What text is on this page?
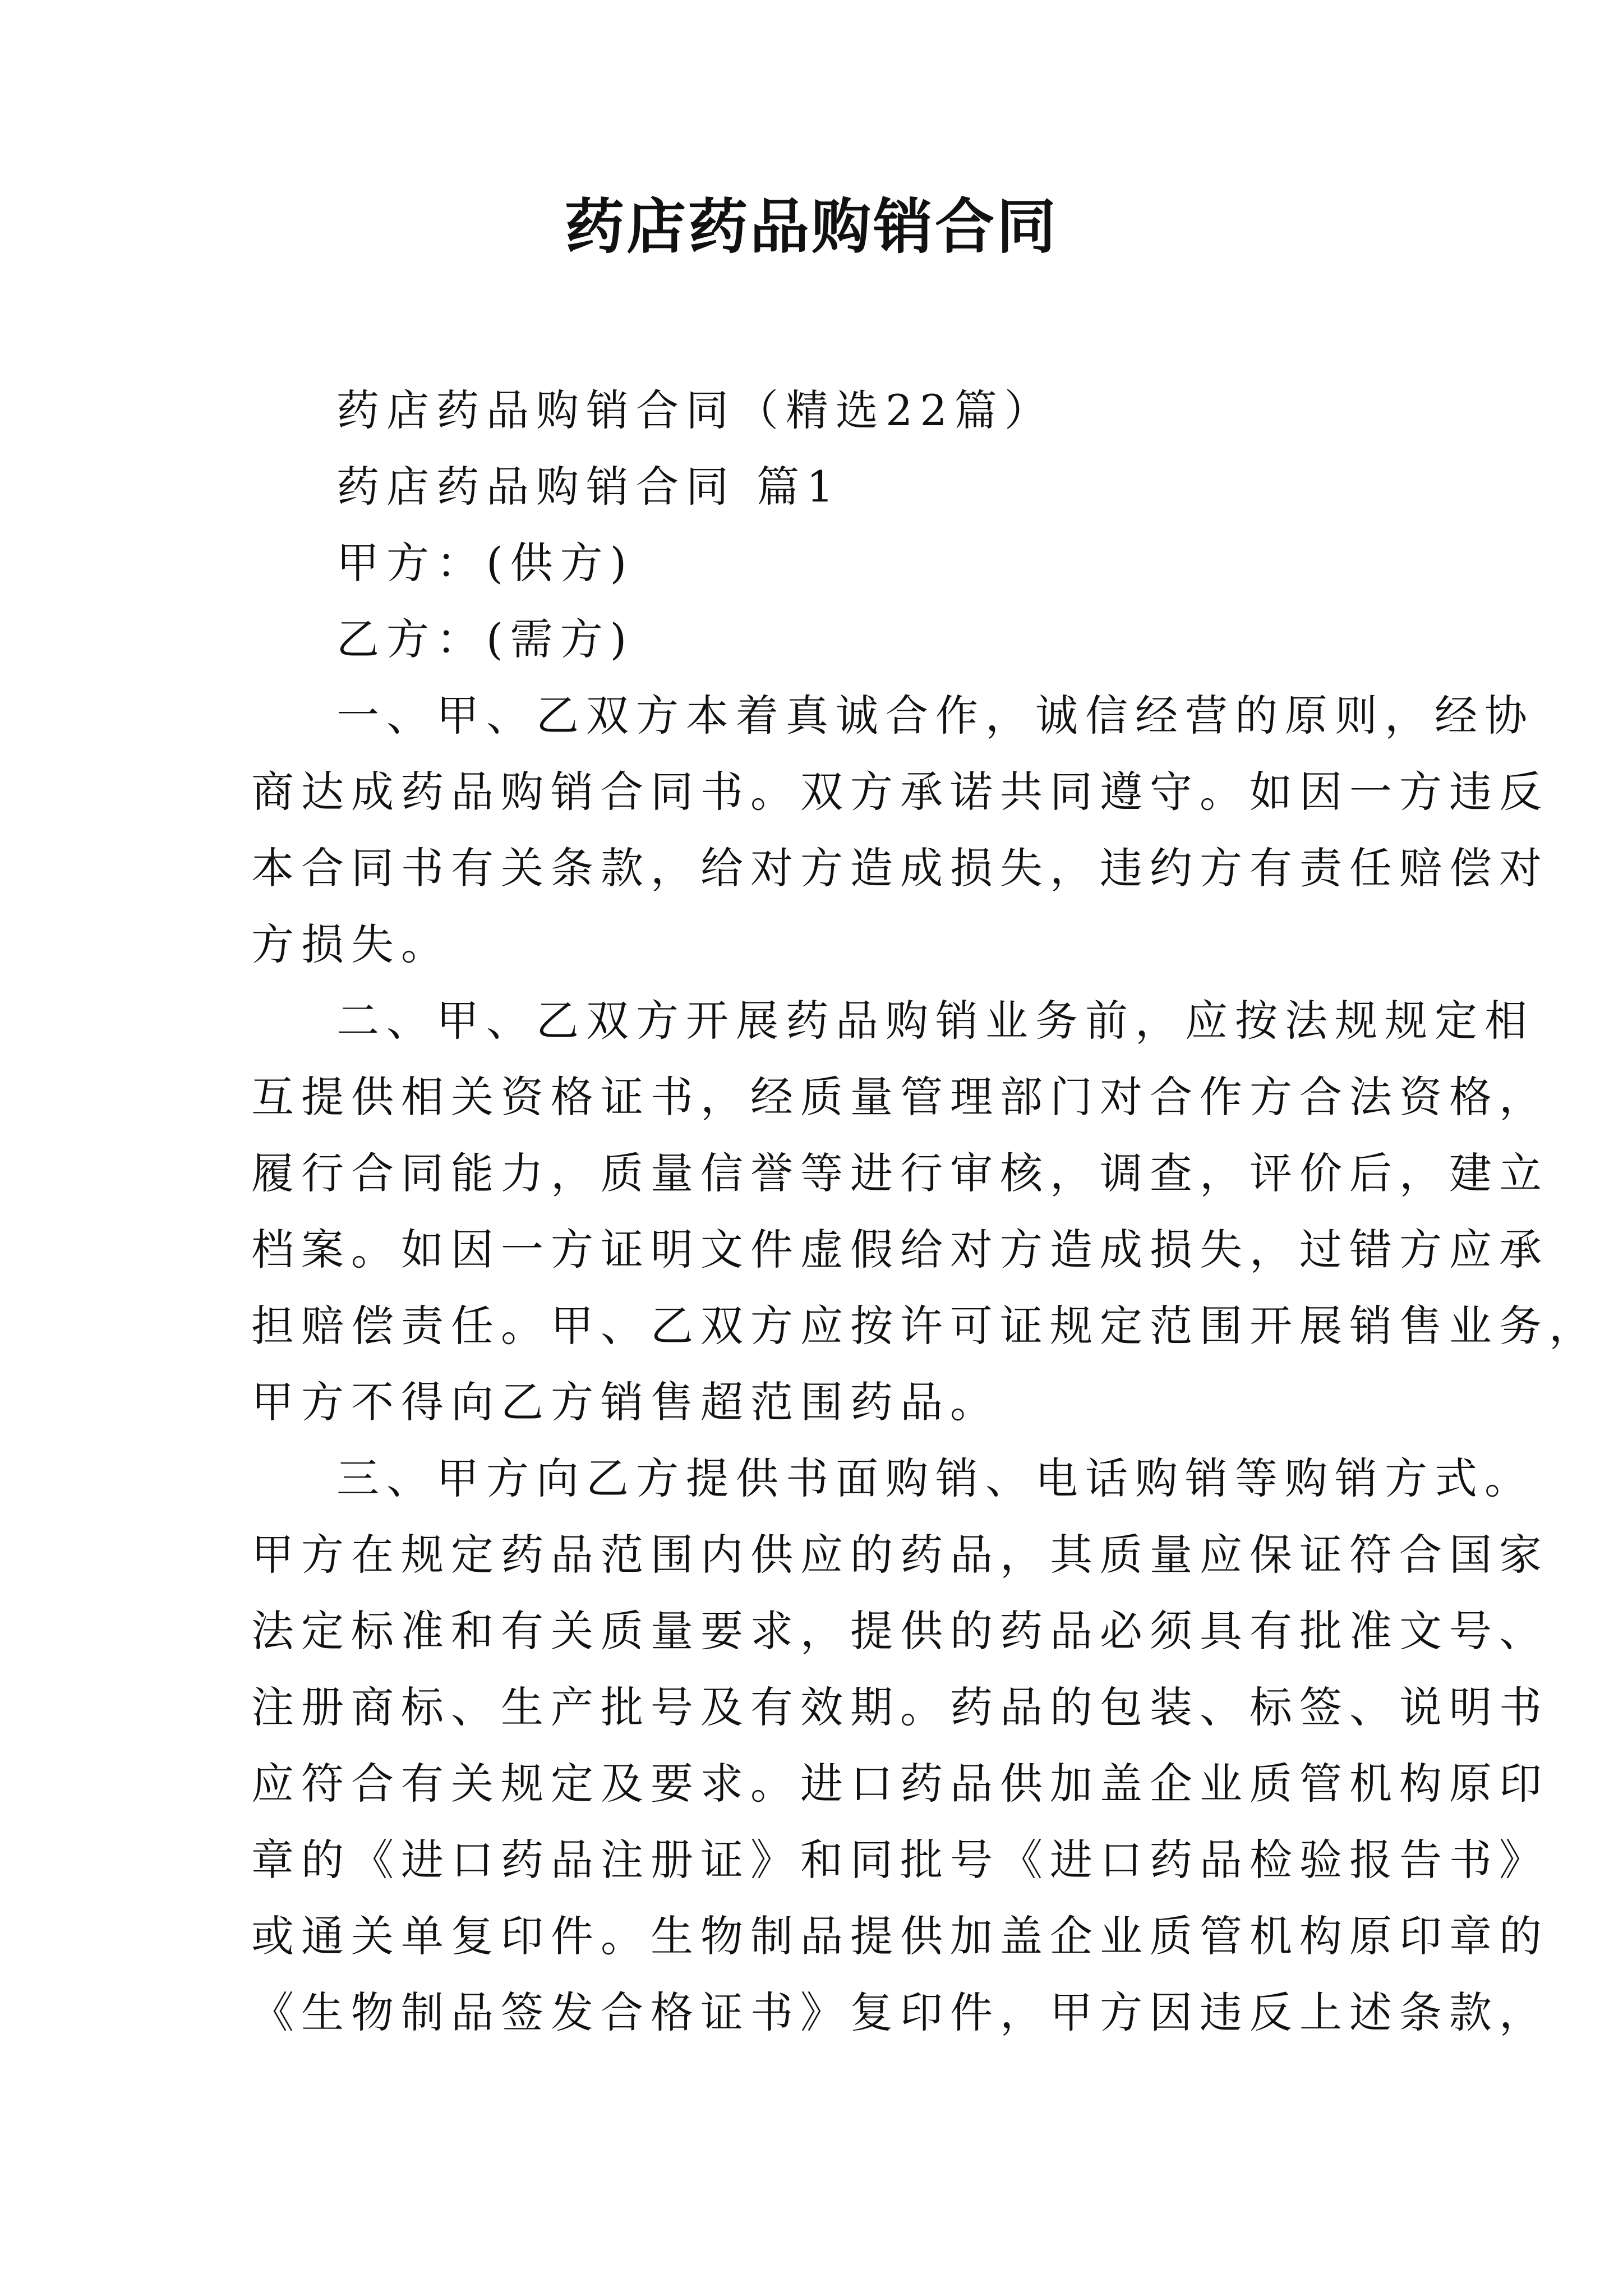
药店药品购销合同
药店药品购销合同（精选22篇）
药店药品购销合同 篇1
甲方：(供方)
乙方：(需方)
一、甲、乙双方本着真诚合作，诚信经营的原则，经协
商达成药品购销合同书。双方承诺共同遵守。如因一方违反
本合同书有关条款，给对方造成损失，违约方有责任赔偿对
方损失。
二、甲、乙双方开展药品购销业务前，应按法规规定相
互提供相关资格证书，经质量管理部门对合作方合法资格，
履行合同能力，质量信誉等进行审核，调查，评价后，建立
档案。如因一方证明文件虚假给对方造成损失，过错方应承
担赔偿责任。甲、乙双方应按许可证规定范围开展销售业务，
甲方不得向乙方销售超范围药品。
三、甲方向乙方提供书面购销、电话购销等购销方式。
甲方在规定药品范围内供应的药品，其质量应保证符合国家
法定标准和有关质量要求，提供的药品必须具有批准文号、
注册商标、生产批号及有效期。药品的包装、标签、说明书
应符合有关规定及要求。进口药品供加盖企业质管机构原印
章的《进口药品注册证》和同批号《进口药品检验报告书》
或通关单复印件。生物制品提供加盖企业质管机构原印章的
《生物制品签发合格证书》复印件，甲方因违反上述条款，
